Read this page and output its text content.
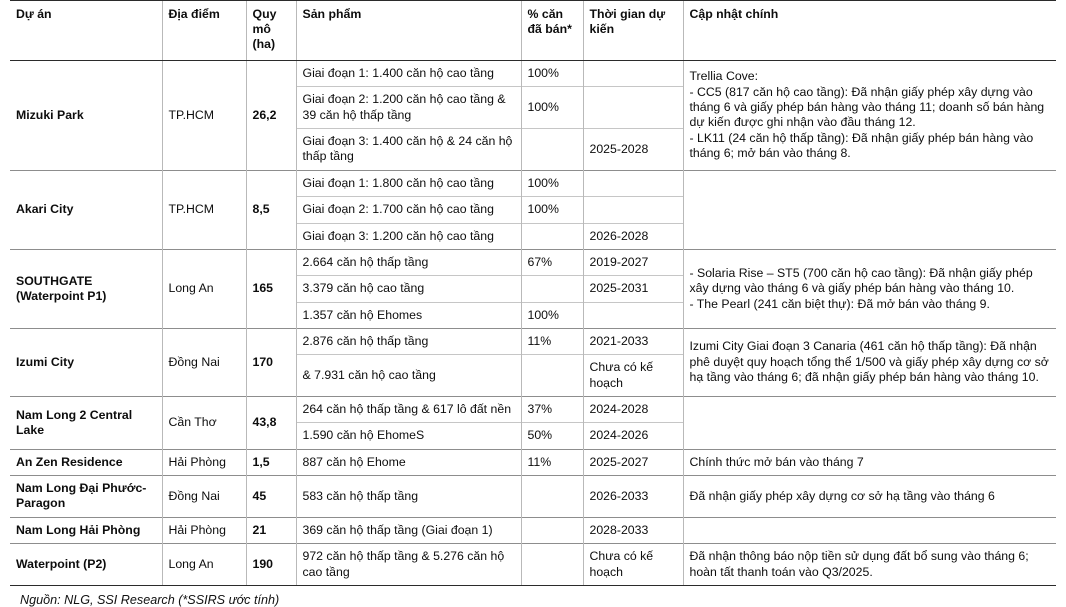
Dự án	Địa điểm	Quy mô (ha)	Sản phẩm	% căn đã bán*	Thời gian dự kiến	Cập nhật chính
Mizuki Park	TP.HCM	26,2	Giai đoạn 1: 1.400 căn hộ cao tầng	100%		Trellia Cove:

- CC5 (817 căn hộ cao tầng): Đã nhận giấy phép xây dựng vào tháng 6 và giấy phép bán hàng vào tháng 11; doanh số bán hàng dự kiến được ghi nhận vào đầu tháng 12.

- LK11 (24 căn hộ thấp tầng): Đã nhận giấy phép bán hàng vào tháng 6; mở bán vào tháng 8.

			Giai đoạn 2: 1.200 căn hộ cao tầng & 39 căn hộ thấp tầng	100%		
			Giai đoạn 3: 1.400 căn hộ & 24 căn hộ thấp tầng		2025-2028	
Akari City	TP.HCM	8,5	Giai đoạn 1: 1.800 căn hộ cao tầng	100%		
			Giai đoạn 2: 1.700 căn hộ cao tầng	100%		
			Giai đoạn 3: 1.200 căn hộ cao tầng		2026-2028	
SOUTHGATE (Waterpoint P1)	Long An	165	2.664 căn hộ thấp tầng	67%	2019-2027	- Solaria Rise – ST5 (700 căn hộ cao tầng): Đã nhận giấy phép xây dựng vào tháng 6 và giấy phép bán hàng vào tháng 10.

- The Pearl (241 căn biệt thự): Đã mở bán vào tháng 9.

			3.379 căn hộ cao tầng		2025-2031	
			1.357 căn hộ Ehomes	100%		
Izumi City	Đồng Nai	170	2.876 căn hộ thấp tầng	11%	2021-2033	Izumi City Giai đoạn 3 Canaria (461 căn hộ thấp tầng): Đã nhận phê duyệt quy hoạch tổng thể 1/500 và giấy phép xây dựng cơ sở hạ tầng vào tháng 6; đã nhận giấy phép bán hàng vào tháng 10.

			& 7.931 căn hộ cao tầng		Chưa có kế hoạch	
Nam Long 2 Central Lake	Cần Thơ	43,8	264 căn hộ thấp tầng & 617 lô đất nền	37%	2024-2028	
			1.590 căn hộ EhomeS	50%	2024-2026	
An Zen Residence	Hải Phòng	1,5	887 căn hộ Ehome	11%	2025-2027	Chính thức mở bán vào tháng 7

Nam Long Đại Phước- Paragon	Đồng Nai	45	583 căn hộ thấp tầng		2026-2033	Đã nhận giấy phép xây dựng cơ sở hạ tầng vào tháng 6

Nam Long Hải Phòng	Hải Phòng	21	369 căn hộ thấp tầng (Giai đoạn 1)		2028-2033	
Waterpoint (P2)	Long An	190	972 căn hộ thấp tầng & 5.276 căn hộ cao tầng		Chưa có kế hoạch	Đã nhận thông báo nộp tiền sử dụng đất bổ sung vào tháng 6; hoàn tất thanh toán vào Q3/2025.

Nguồn: NLG, SSI Research (*SSIRS ước tính)
